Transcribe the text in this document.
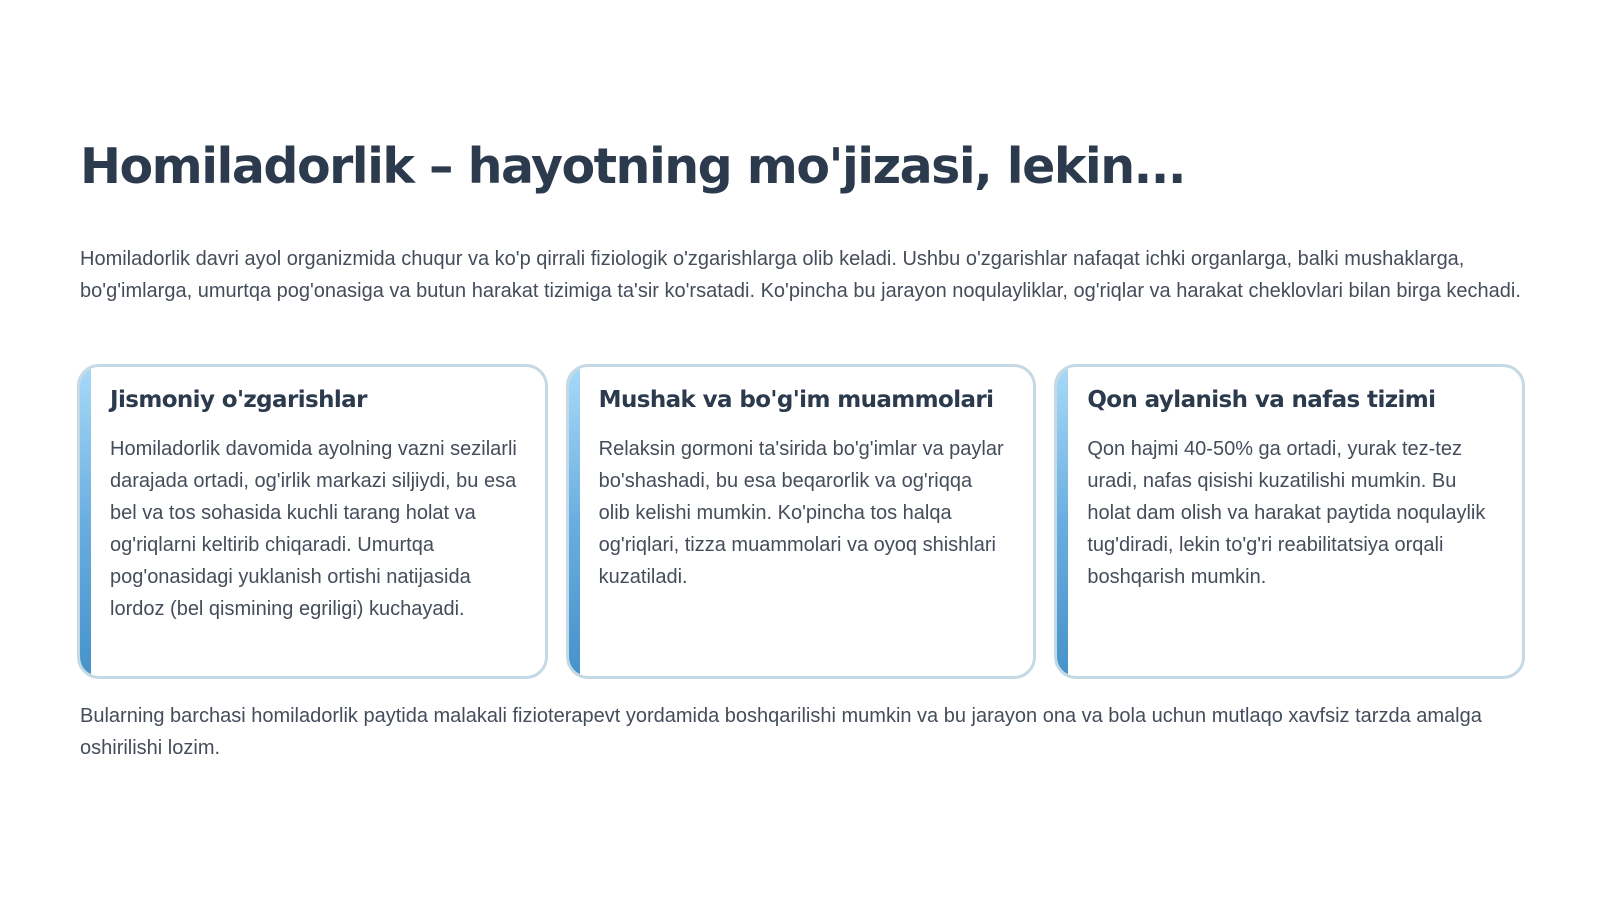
Homiladorlik – hayotning mo'jizasi, lekin...

Homiladorlik davri ayol organizmida chuqur va ko'p qirrali fiziologik o'zgarishlarga olib keladi. Ushbu o'zgarishlar nafaqat ichki organlarga, balki mushaklarga, bo'g'imlarga, umurtqa pog'onasiga va butun harakat tizimiga ta'sir ko'rsatadi. Ko'pincha bu jarayon noqulayliklar, og'riqlar va harakat cheklovlari bilan birga kechadi.

Jismoniy o'zgarishlar

Homiladorlik davomida ayolning vazni sezilarli darajada ortadi, og'irlik markazi siljiydi, bu esa bel va tos sohasida kuchli tarang holat va og'riqlarni keltirib chiqaradi. Umurtqa pog'onasidagi yuklanish ortishi natijasida lordoz (bel qismining egriligi) kuchayadi.

Mushak va bo'g'im muammolari

Relaksin gormoni ta'sirida bo'g'imlar va paylar bo'shashadi, bu esa beqarorlik va og'riqqa olib kelishi mumkin. Ko'pincha tos halqa og'riqlari, tizza muammolari va oyoq shishlari kuzatiladi.

Qon aylanish va nafas tizimi

Qon hajmi 40-50% ga ortadi, yurak tez-tez uradi, nafas qisishi kuzatilishi mumkin. Bu holat dam olish va harakat paytida noqulaylik tug'diradi, lekin to'g'ri reabilitatsiya orqali boshqarish mumkin.

Bularning barchasi homiladorlik paytida malakali fizioterapevt yordamida boshqarilishi mumkin va bu jarayon ona va bola uchun mutlaqo xavfsiz tarzda amalga oshirilishi lozim.
